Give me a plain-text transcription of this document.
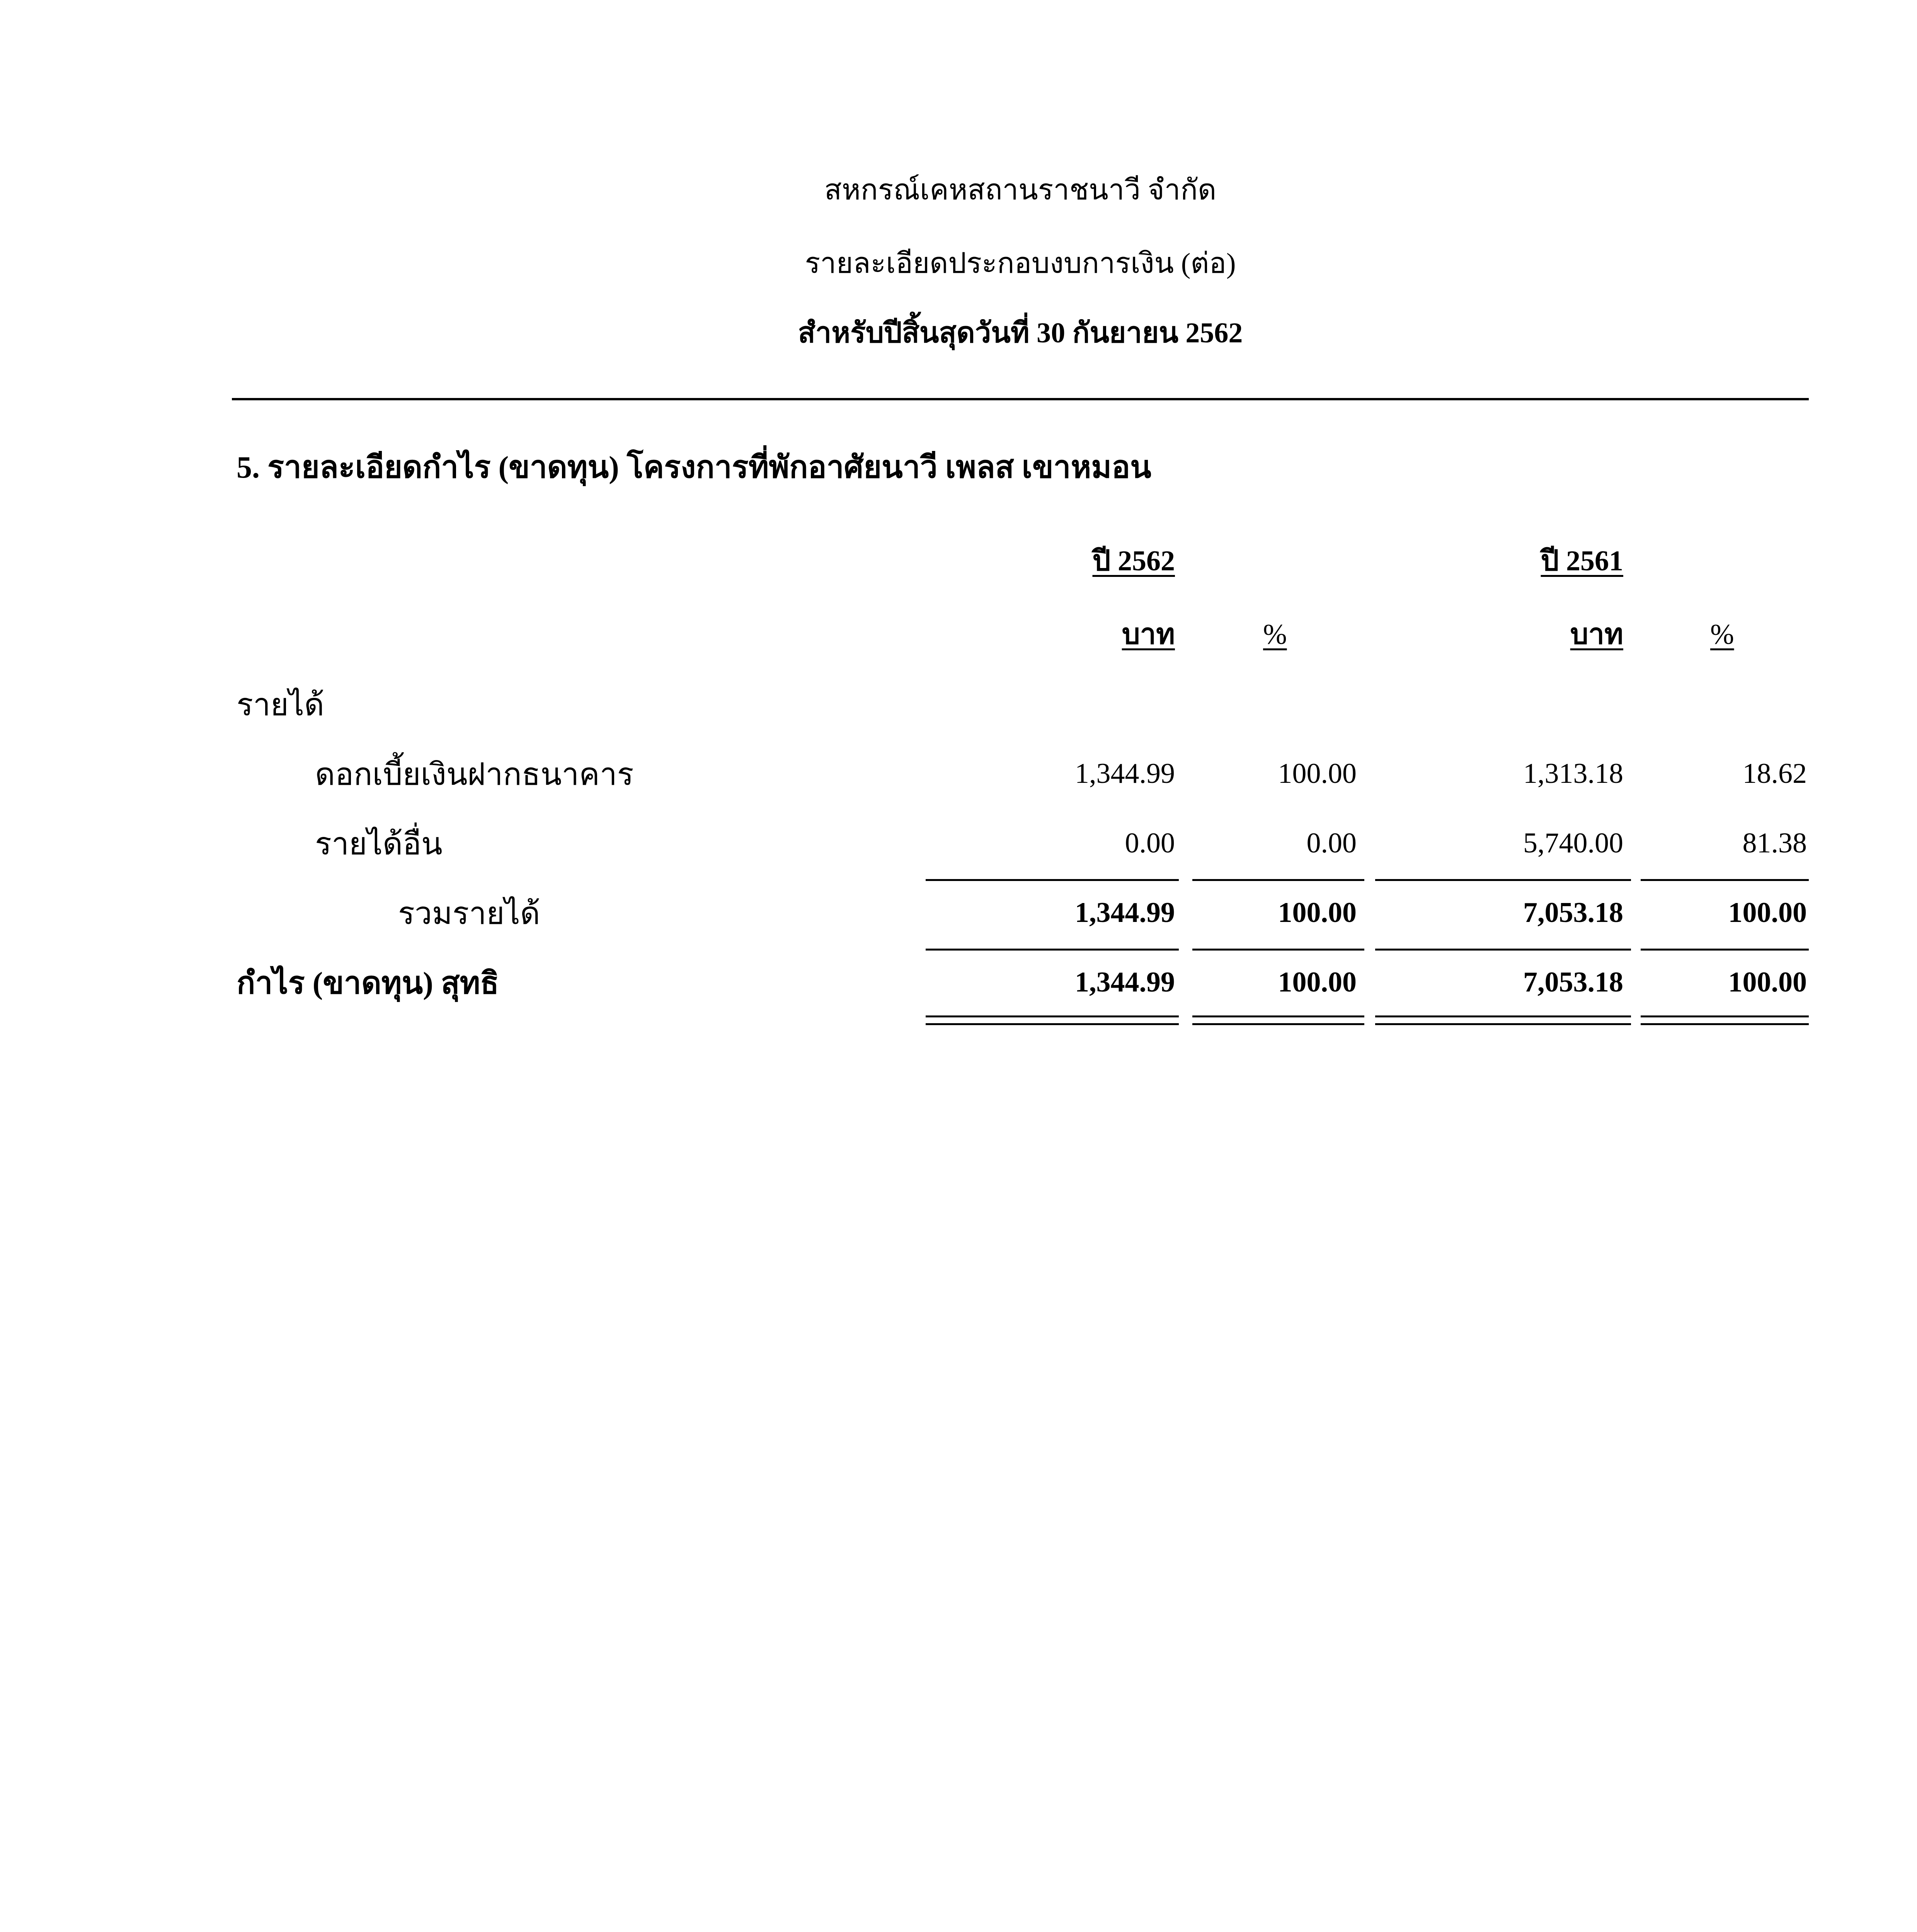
สหกรณ์เคหสถานราชนาวี จำกัด
รายละเอียดประกอบงบการเงิน (ต่อ)
สำหรับปีสิ้นสุดวันที่ 30 กันยายน 2562
5. รายละเอียดกำไร (ขาดทุน) โครงการที่พักอาศัยนาวี เพลส เขาหมอน
ปี 2562	ปี 2561
บาท	%	บาท	%
รายได้
ดอกเบี้ยเงินฝากธนาคาร	1,344.99	100.00	1,313.18	18.62
รายได้อื่น	0.00	0.00	5,740.00	81.38
รวมรายได้	1,344.99	100.00	7,053.18	100.00
กำไร (ขาดทุน) สุทธิ	1,344.99	100.00	7,053.18	100.00
